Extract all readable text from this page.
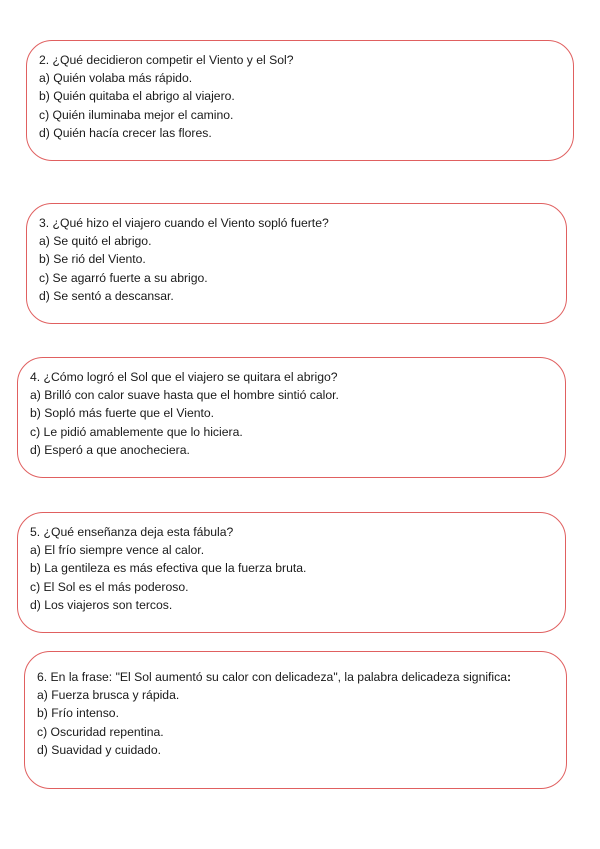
2. ¿Qué decidieron competir el Viento y el Sol?

a) Quién volaba más rápido.

b) Quién quitaba el abrigo al viajero.

c) Quién iluminaba mejor el camino.

d) Quién hacía crecer las flores.

3. ¿Qué hizo el viajero cuando el Viento sopló fuerte?

a) Se quitó el abrigo.

b) Se rió del Viento.

c) Se agarró fuerte a su abrigo.

d) Se sentó a descansar.

4. ¿Cómo logró el Sol que el viajero se quitara el abrigo?

a) Brilló con calor suave hasta que el hombre sintió calor.

b) Sopló más fuerte que el Viento.

c) Le pidió amablemente que lo hiciera.

d) Esperó a que anocheciera.

5. ¿Qué enseñanza deja esta fábula?

a) El frío siempre vence al calor.

b) La gentileza es más efectiva que la fuerza bruta.

c) El Sol es el más poderoso.

d) Los viajeros son tercos.

6. En la frase: "El Sol aumentó su calor con delicadeza", la palabra delicadeza significa:

a) Fuerza brusca y rápida.

b) Frío intenso.

c) Oscuridad repentina.

d) Suavidad y cuidado.
